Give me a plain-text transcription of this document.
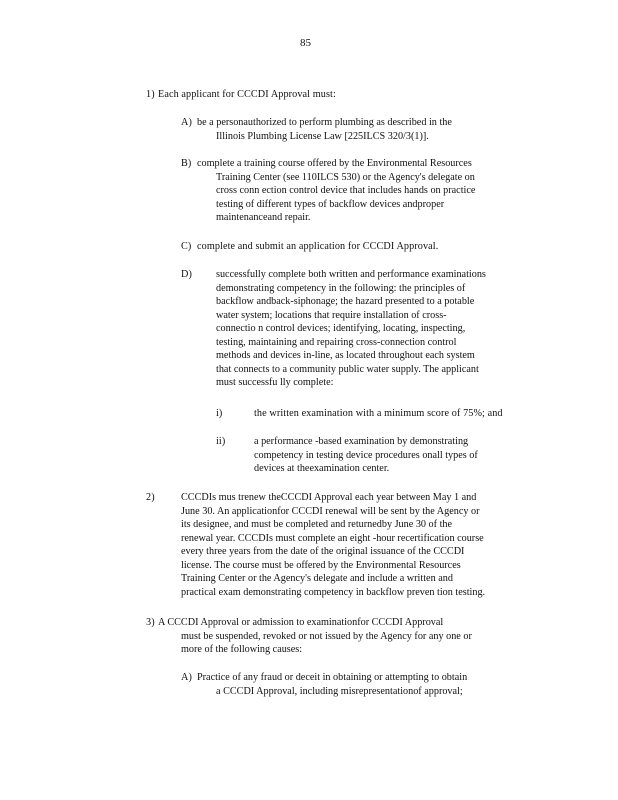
85
1) Each applicant for CCCDI Approval must:
A) be a personauthorized to perform plumbing as described in the
Illinois Plumbing License Law [225ILCS 320/3(1)].
B) complete a training course offered by the Environmental Resources
Training Center (see 110ILCS 530) or the Agency's delegate on
cross conn ection control device that includes hands on practice
testing of different types of backflow devices andproper
maintenanceand repair.
C) complete and submit an application for CCCDI Approval.
D) successfully complete both written and performance examinations
demonstrating competency in the following: the principles of
backflow andback-siphonage; the hazard presented to a potable
water system; locations that require installation of cross-
connectio n control devices; identifying, locating, inspecting,
testing, maintaining and repairing cross-connection control
methods and devices in-line, as located throughout each system
that connects to a community public water supply. The applicant
must successfu lly complete:
i)	the written examination with a minimum score of 75%; and
ii)	a performance -based examination by demonstrating
competency in testing device procedures onall types of
devices at theexamination center.
2)	CCCDIs mus trenew theCCCDI Approval each year between May 1 and
June 30. An applicationfor CCCDI renewal will be sent by the Agency or
its designee, and must be completed and returnedby June 30 of the
renewal year. CCCDIs must complete an eight -hour recertification course
every three years from the date of the original issuance of the CCCDI
license. The course must be offered by the Environmental Resources
Training Center or the Agency's delegate and include a written and
practical exam demonstrating competency in backflow preven tion testing.
3) A CCCDI Approval or admission to examinationfor CCCDI Approval
must be suspended, revoked or not issued by the Agency for any one or
more of the following causes:
A) Practice of any fraud or deceit in obtaining or attempting to obtain
a CCCDI Approval, including misrepresentationof approval;
